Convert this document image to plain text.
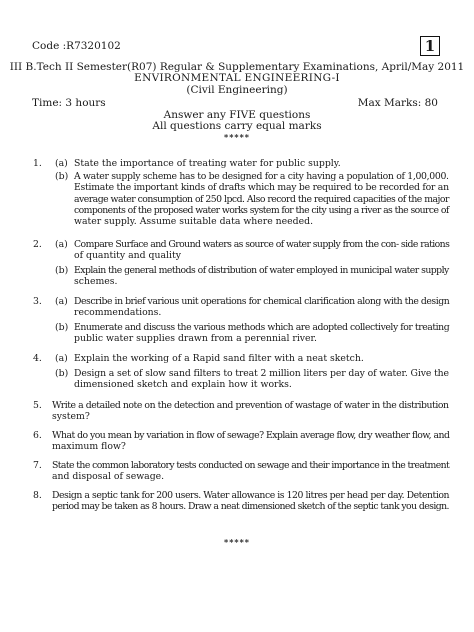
Code :R7320102	1
III B.Tech II Semester(R07) Regular & Supplementary Examinations, April/May 2011
ENVIRONMENTAL ENGINEERING-I
(Civil Engineering)
Time: 3 hours	Max Marks: 80
Answer any FIVE questions
All questions carry equal marks
*****
1. (a) State the importance of treating water for public supply.
(b) A water supply scheme has to be designed for a city having a population of 1,00,000.
Estimate the important kinds of drafts which may be required to be recorded for an
average water consumption of 250 lpcd. Also record the required capacities of the major
components of the proposed water works system for the city using a river as the source of
water supply. Assume suitable data where needed.
2. (a) Compare Surface and Ground waters as source of water supply from the con- side rations
of quantity and quality
(b) Explain the general methods of distribution of water employed in municipal water supply
schemes.
3. (a) Describe in brief various unit operations for chemical clarification along with the design
recommendations.
(b) Enumerate and discuss the various methods which are adopted collectively for treating
public water supplies drawn from a perennial river.
4. (a) Explain the working of a Rapid sand filter with a neat sketch.
(b) Design a set of slow sand filters to treat 2 million liters per day of water. Give the
dimensioned sketch and explain how it works.
5. Write a detailed note on the detection and prevention of wastage of water in the distribution
system?
6. What do you mean by variation in flow of sewage? Explain average flow, dry weather flow, and
maximum flow?
7. State the common laboratory tests conducted on sewage and their importance in the treatment
and disposal of sewage.
8. Design a septic tank for 200 users. Water allowance is 120 litres per head per day. Detention
period may be taken as 8 hours. Draw a neat dimensioned sketch of the septic tank you design.
*****
